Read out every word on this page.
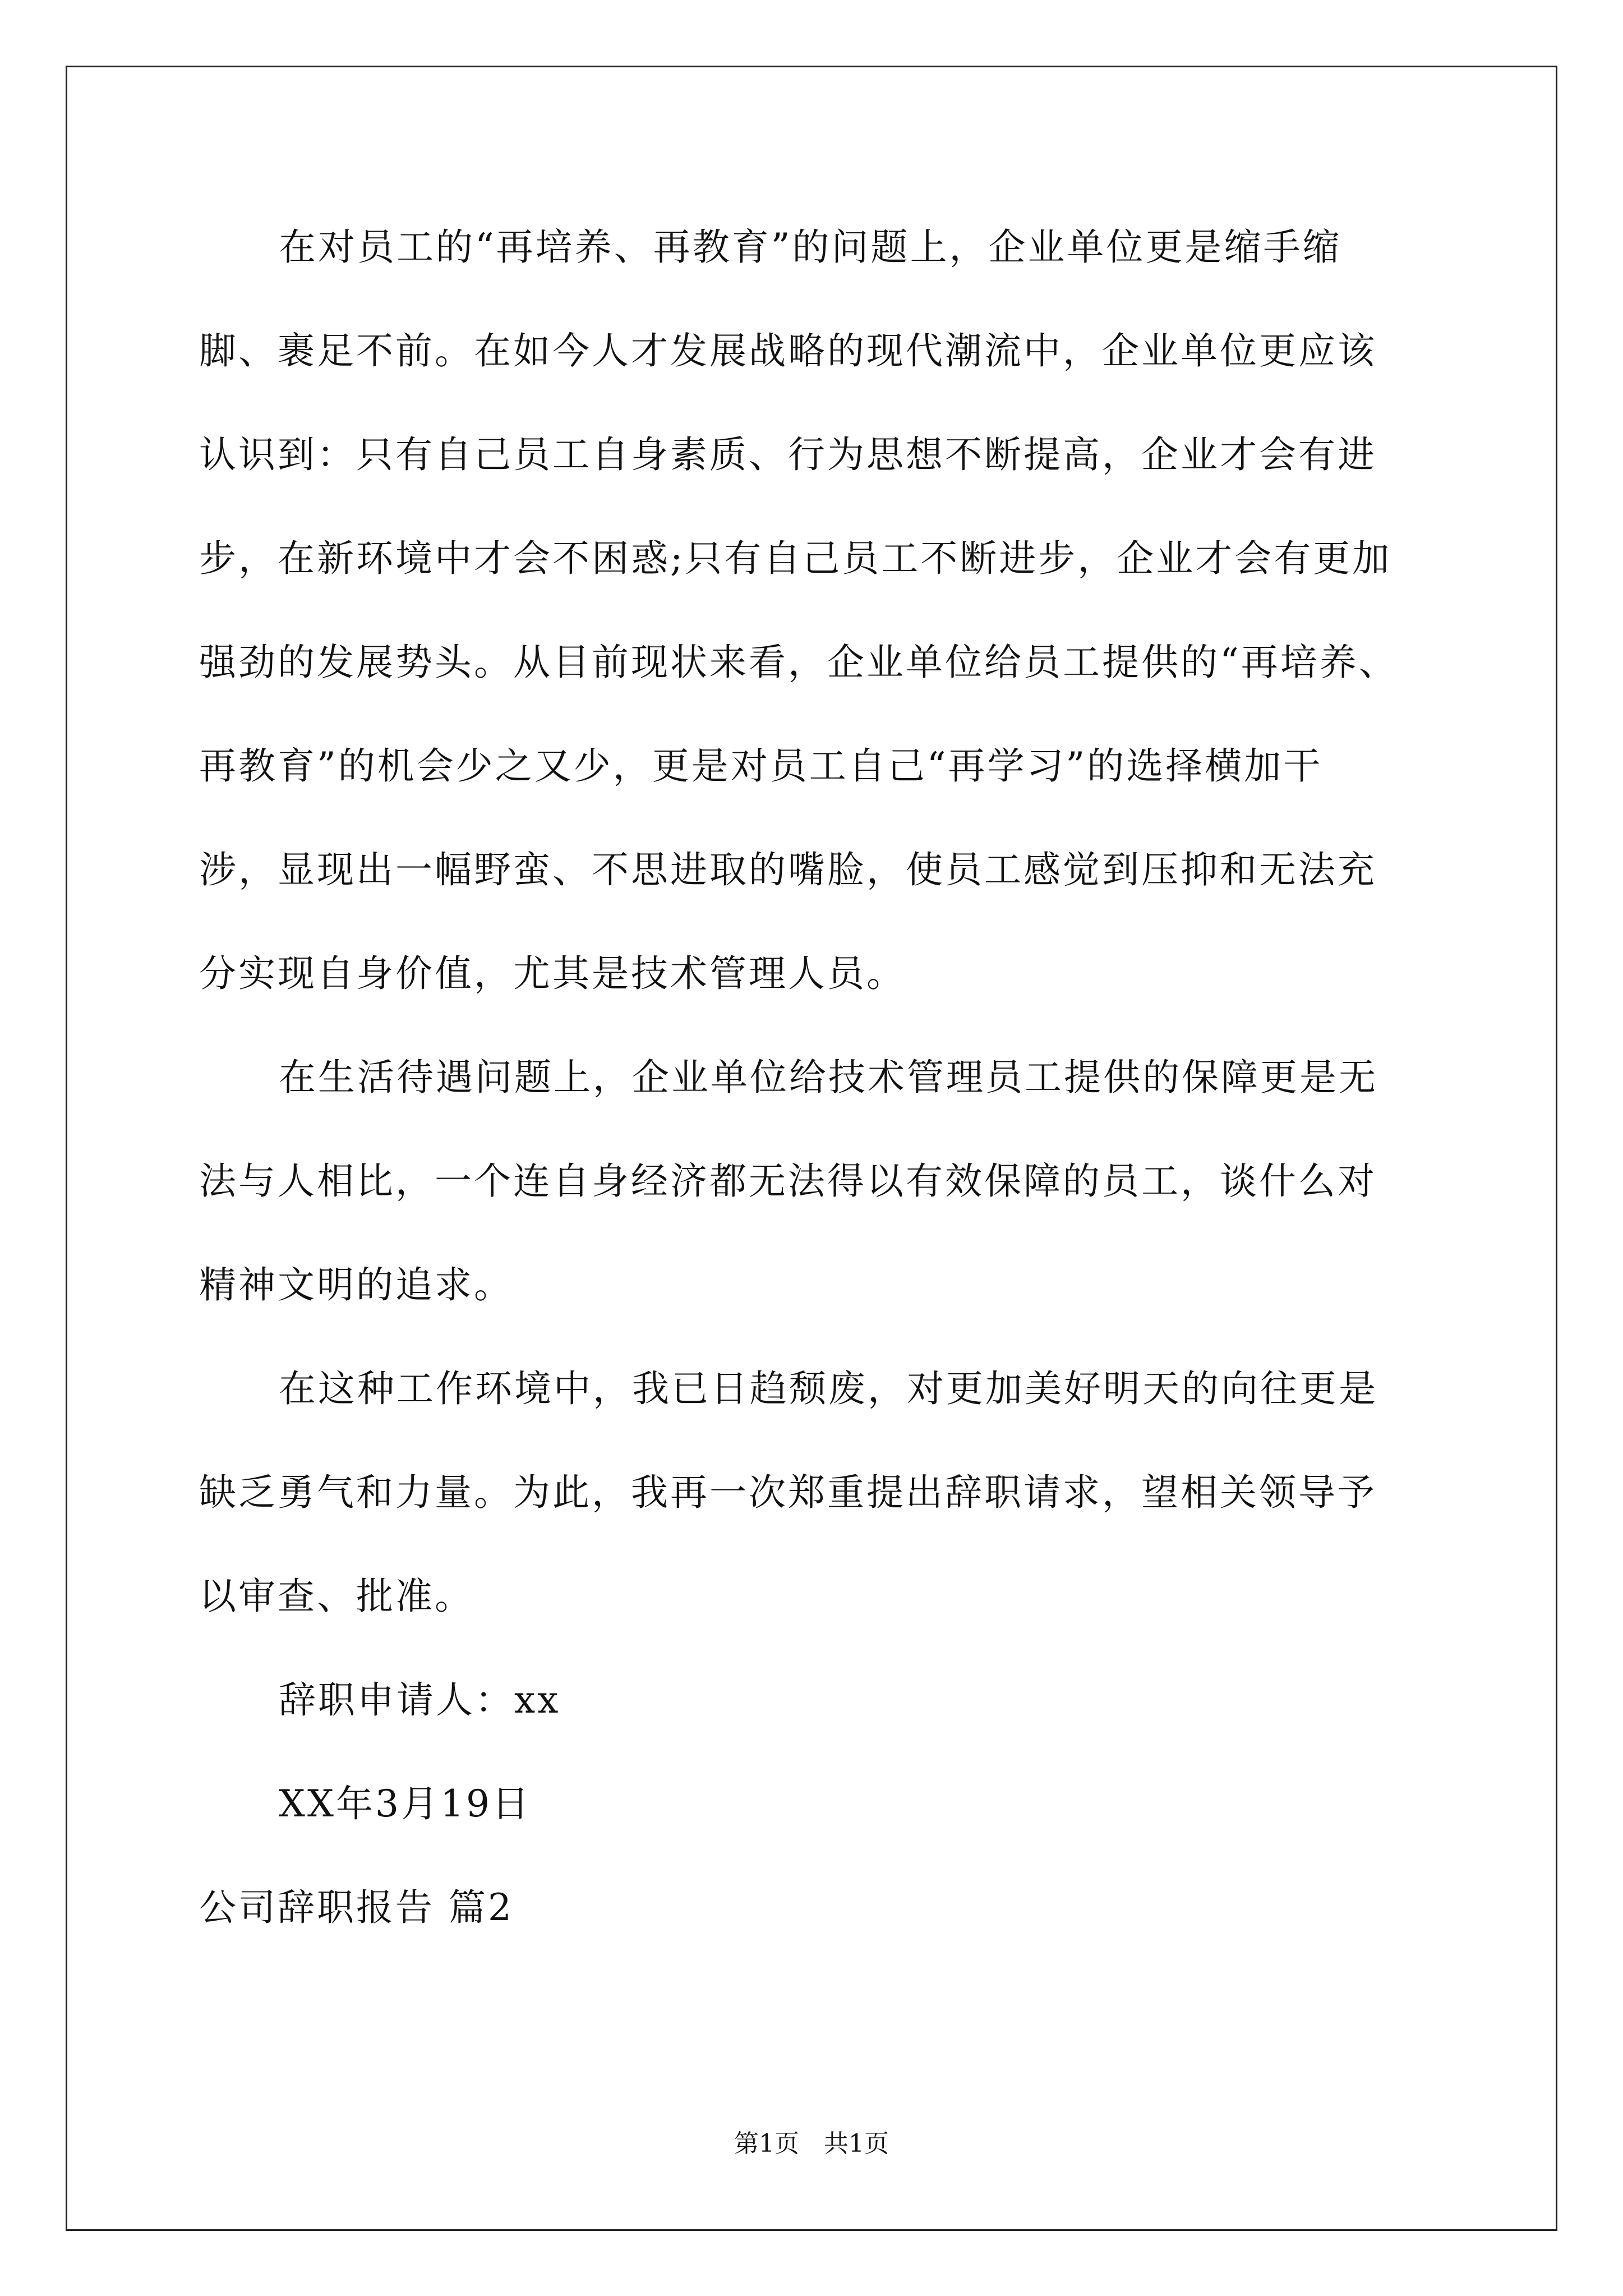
在对员工的“再培养、再教育”的问题上，企业单位更是缩手缩
脚、裹足不前。在如今人才发展战略的现代潮流中，企业单位更应该
认识到：只有自己员工自身素质、行为思想不断提高，企业才会有进
步，在新环境中才会不困惑;只有自己员工不断进步，企业才会有更加
强劲的发展势头。从目前现状来看，企业单位给员工提供的“再培养、
再教育”的机会少之又少，更是对员工自己“再学习”的选择横加干
涉，显现出一幅野蛮、不思进取的嘴脸，使员工感觉到压抑和无法充
分实现自身价值，尤其是技术管理人员。
在生活待遇问题上，企业单位给技术管理员工提供的保障更是无
法与人相比，一个连自身经济都无法得以有效保障的员工，谈什么对
精神文明的追求。
在这种工作环境中，我已日趋颓废，对更加美好明天的向往更是
缺乏勇气和力量。为此，我再一次郑重提出辞职请求，望相关领导予
以审查、批准。
辞职申请人：xx
XX年3月19日
公司辞职报告 篇2
第1页　共1页
